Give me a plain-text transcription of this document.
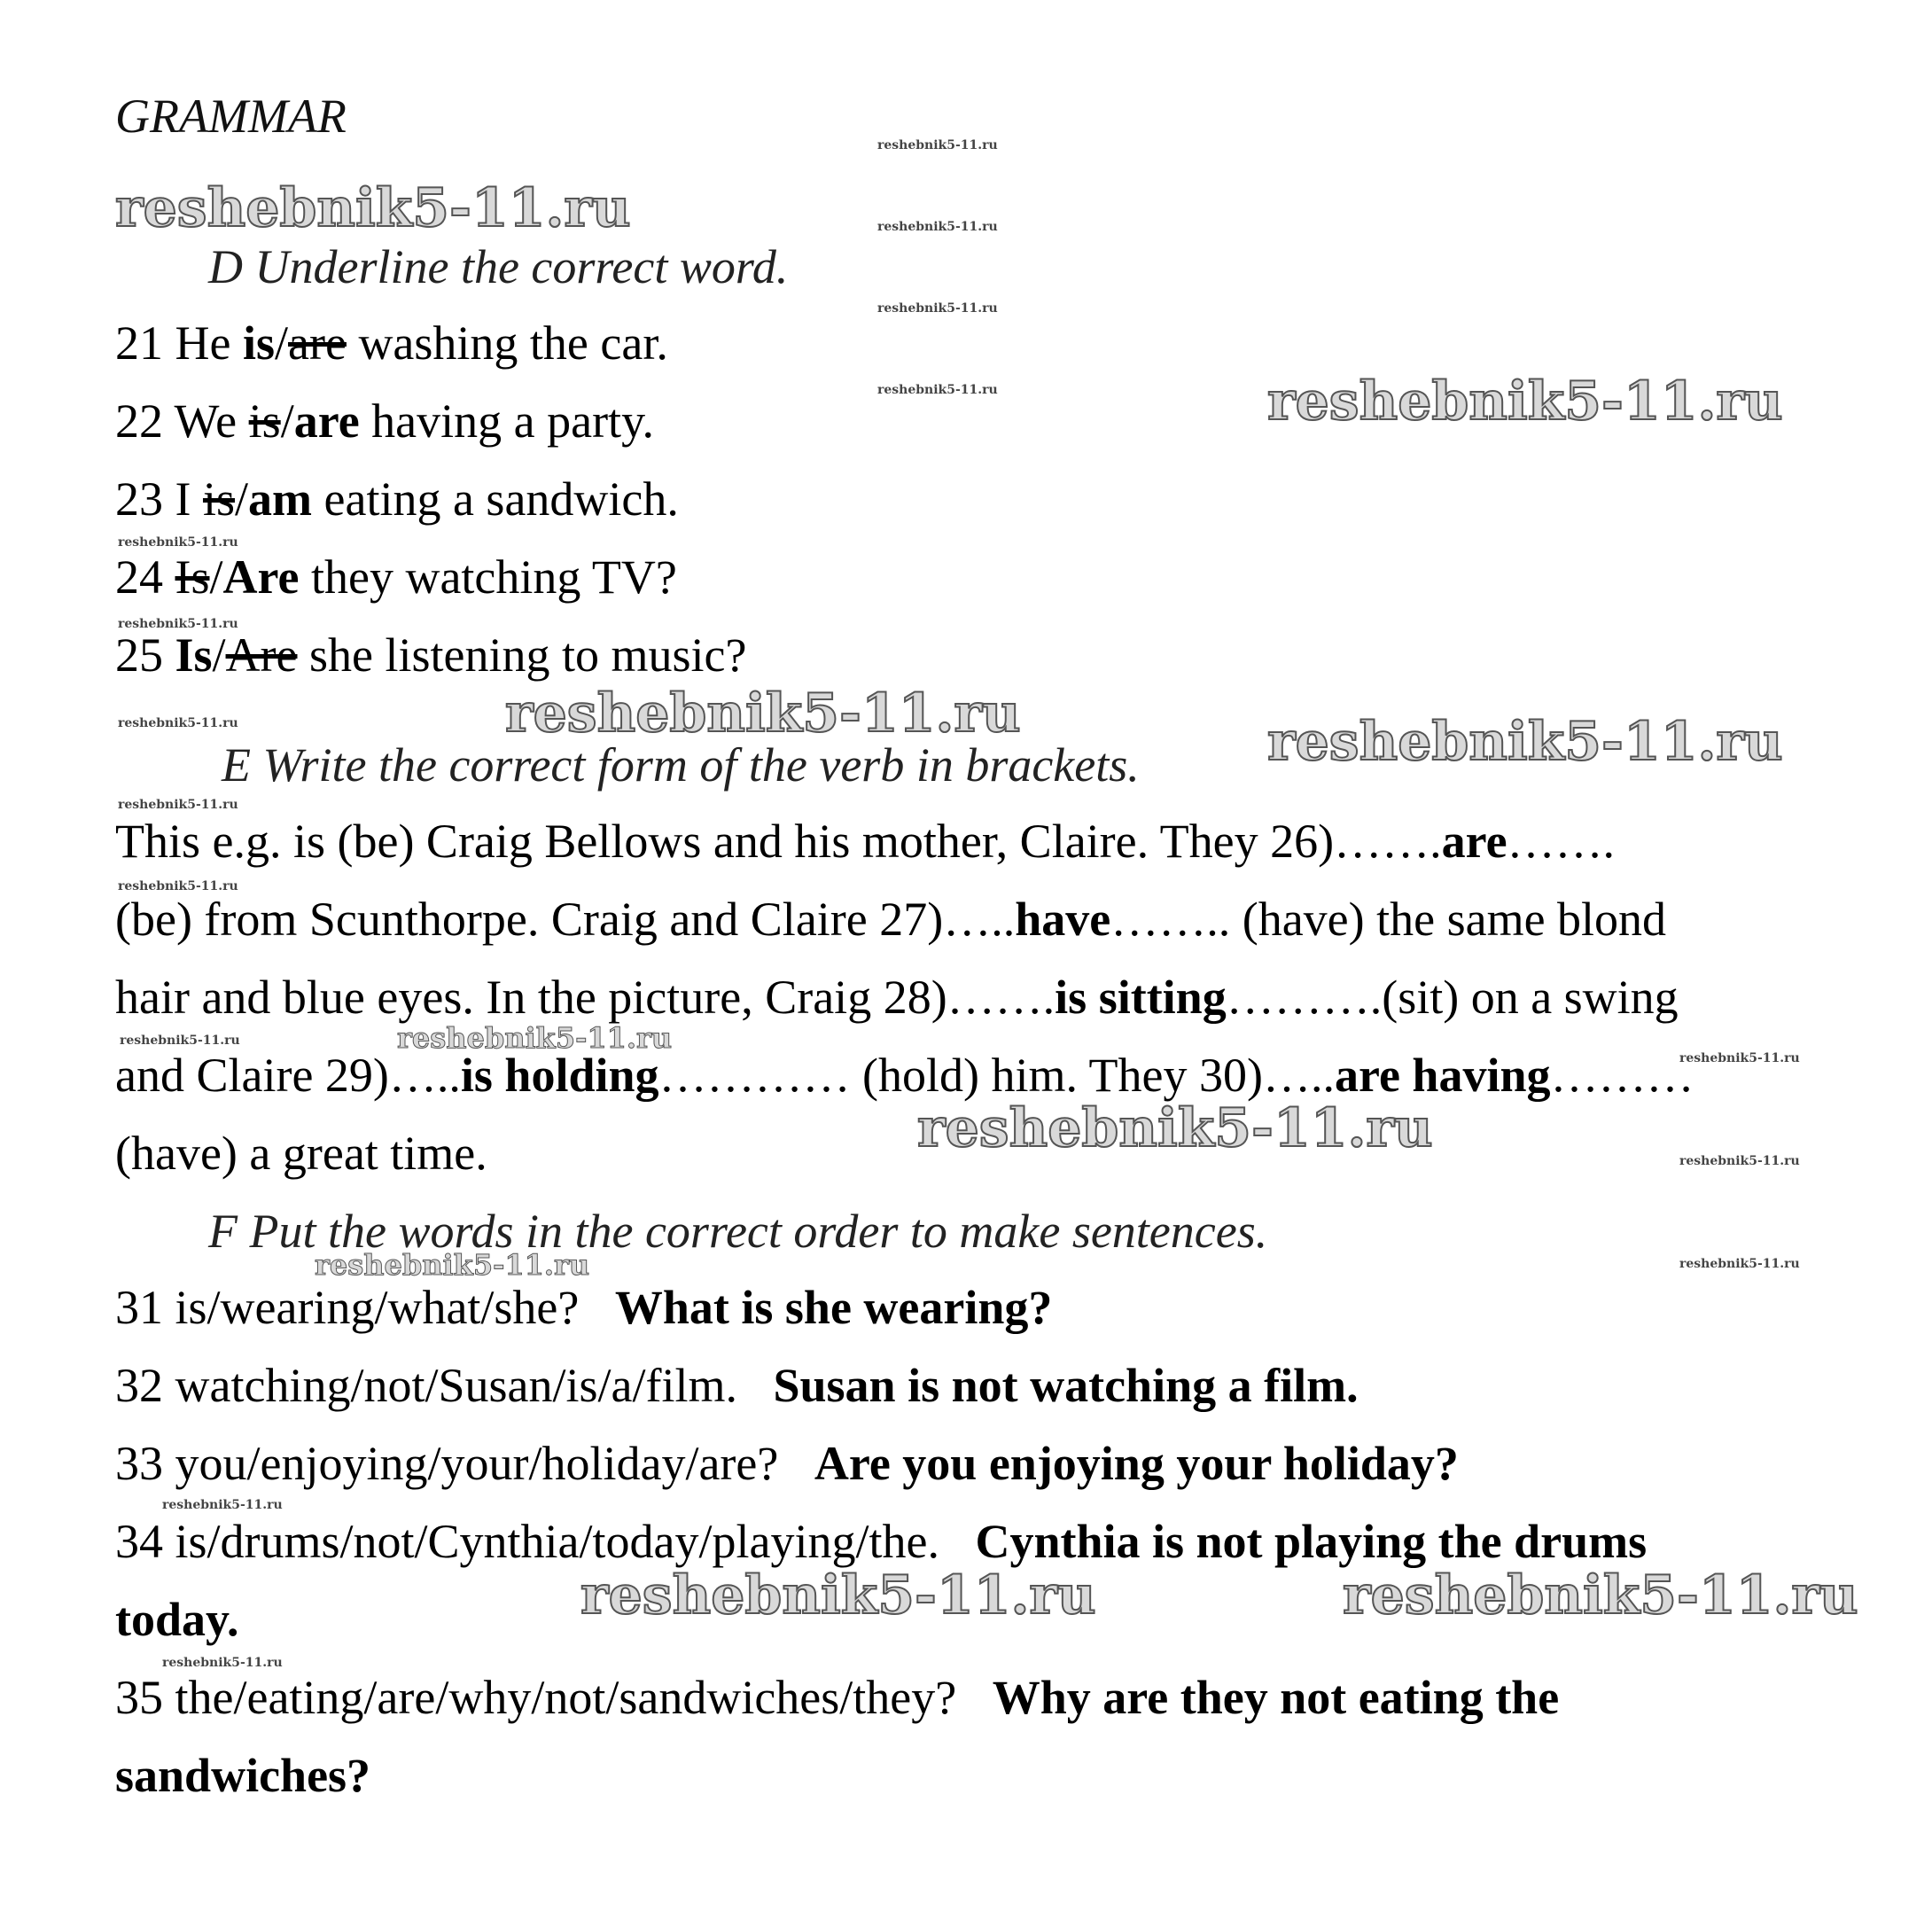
GRAMMAR
D Underline the correct word.
21 He is/are washing the car.
22 We is/are having a party.
23 I is/am eating a sandwich.
24 Is/Are they watching TV?
25 Is/Are she listening to music?
E Write the correct form of the verb in brackets.
This e.g. is (be) Craig Bellows and his mother, Claire. They 26)…….are…….
(be) from Scunthorpe. Craig and Claire 27)…..have…….. (have) the same blond
hair and blue eyes. In the picture, Craig 28)…….is sitting……….(sit) on a swing
and Claire 29)…..is holding………… (hold) him. They 30)…..are having………
(have) a great time.
F Put the words in the correct order to make sentences.
31 is/wearing/what/she? What is she wearing?
32 watching/not/Susan/is/a/film. Susan is not watching a film.
33 you/enjoying/your/holiday/are? Are you enjoying your holiday?
34 is/drums/not/Cynthia/today/playing/the. Cynthia is not playing the drums
today.
35 the/eating/are/why/not/sandwiches/they? Why are they not eating the
sandwiches?
reshebnik5-11.ru
reshebnik5-11.ru
reshebnik5-11.ru	reshebnik5-11.ru
reshebnik5-11.ru
reshebnik5-11.ru	reshebnik5-11.ru
reshebnik5-11.ru
reshebnik5-11.ru
reshebnik5-11.ru
reshebnik5-11.ru
reshebnik5-11.ru
reshebnik5-11.ru
reshebnik5-11.ru
reshebnik5-11.ru
reshebnik5-11.ru
reshebnik5-11.ru
reshebnik5-11.ru
reshebnik5-11.ru
reshebnik5-11.ru
reshebnik5-11.ru
reshebnik5-11.ru
reshebnik5-11.ru
reshebnik5-11.ru
